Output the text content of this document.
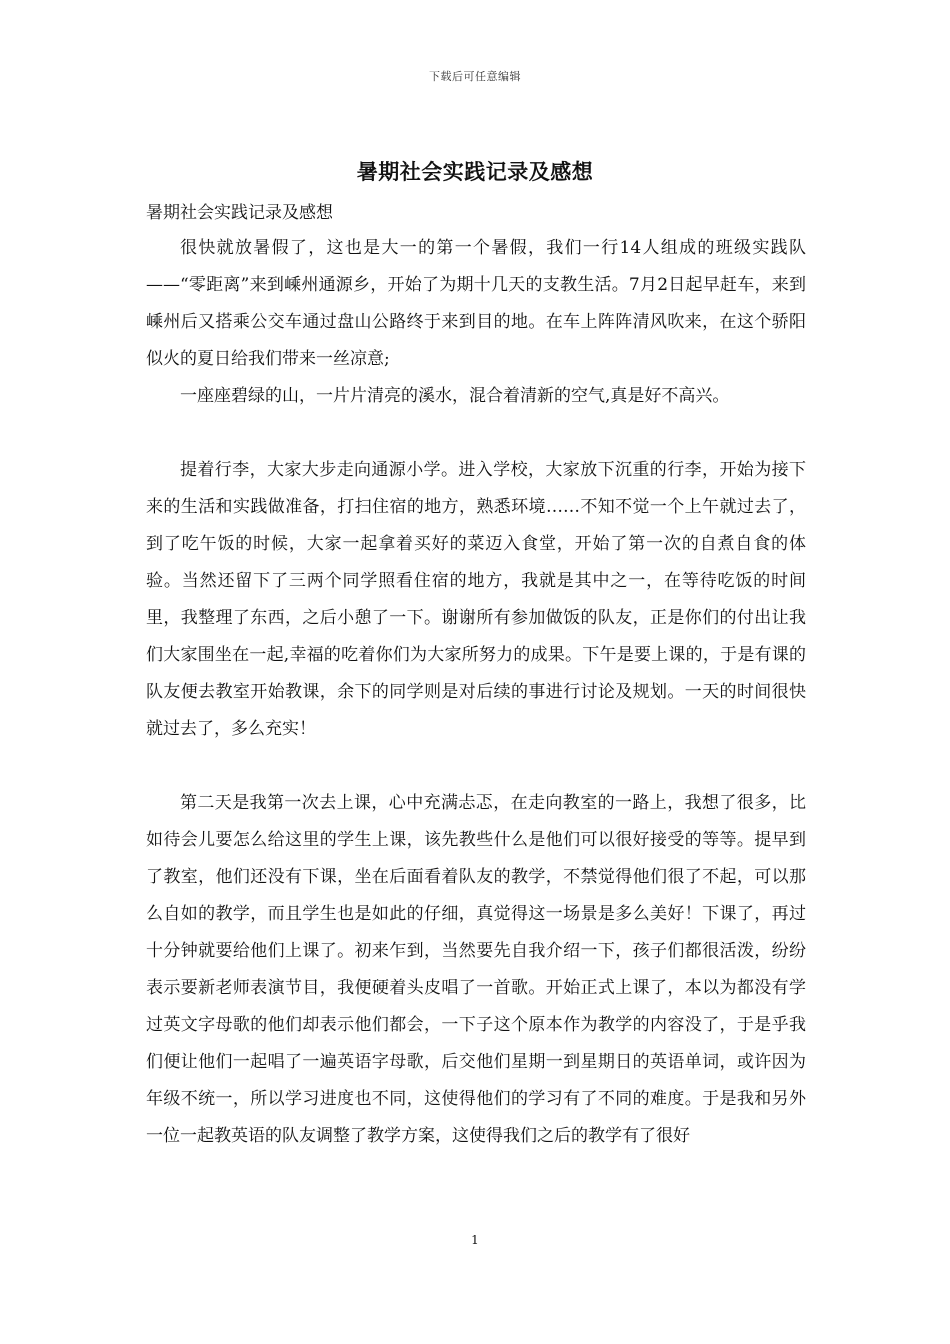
下载后可任意编辑
暑期社会实践记录及感想
暑期社会实践记录及感想

很快就放暑假了，这也是大一的第一个暑假，我们一行14人组成的班级实践队——“零距离”来到嵊州通源乡，开始了为期十几天的支教生活。7月2日起早赶车，来到嵊州后又搭乘公交车通过盘山公路终于来到目的地。在车上阵阵清风吹来，在这个骄阳似火的夏日给我们带来一丝凉意;

一座座碧绿的山，一片片清亮的溪水，混合着清新的空气,真是好不高兴。

提着行李，大家大步走向通源小学。进入学校，大家放下沉重的行李，开始为接下来的生活和实践做准备，打扫住宿的地方，熟悉环境……不知不觉一个上午就过去了，到了吃午饭的时候，大家一起拿着买好的菜迈入食堂，开始了第一次的自煮自食的体验。当然还留下了三两个同学照看住宿的地方，我就是其中之一，在等待吃饭的时间里，我整理了东西，之后小憩了一下。谢谢所有参加做饭的队友，正是你们的付出让我们大家围坐在一起,幸福的吃着你们为大家所努力的成果。下午是要上课的，于是有课的队友便去教室开始教课，余下的同学则是对后续的事进行讨论及规划。一天的时间很快就过去了，多么充实！

第二天是我第一次去上课，心中充满忐忑，在走向教室的一路上，我想了很多，比如待会儿要怎么给这里的学生上课，该先教些什么是他们可以很好接受的等等。提早到了教室，他们还没有下课，坐在后面看着队友的教学，不禁觉得他们很了不起，可以那么自如的教学，而且学生也是如此的仔细，真觉得这一场景是多么美好！下课了，再过十分钟就要给他们上课了。初来乍到，当然要先自我介绍一下，孩子们都很活泼，纷纷表示要新老师表演节目，我便硬着头皮唱了一首歌。开始正式上课了，本以为都没有学过英文字母歌的他们却表示他们都会，一下子这个原本作为教学的内容没了，于是乎我们便让他们一起唱了一遍英语字母歌，后交他们星期一到星期日的英语单词，或许因为年级不统一，所以学习进度也不同，这使得他们的学习有了不同的难度。于是我和另外一位一起教英语的队友调整了教学方案，这使得我们之后的教学有了很好

1
